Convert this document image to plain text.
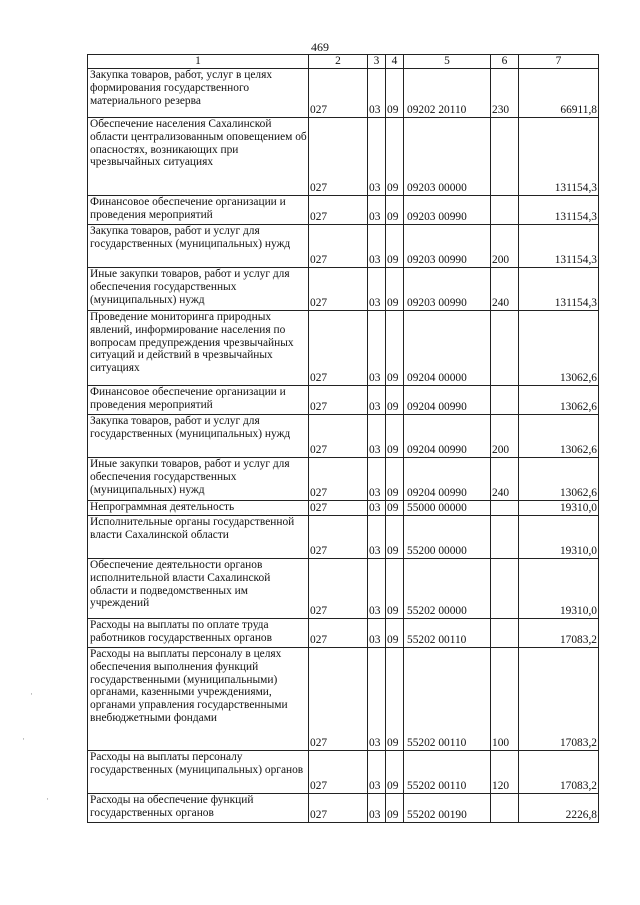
469
1	2	3	4	5	6	7
Закупка товаров, работ, услуг в целях формирования государственного материального резерва	027	03	09	09202 20110	230	66911,8
Обеспечение населения Сахалинской области централизованным оповещением об опасностях, возникающих при чрезвычайных ситуациях	027	03	09	09203 00000		131154,3
Финансовое обеспечение организации и проведения мероприятий	027	03	09	09203 00990		131154,3
Закупка товаров, работ и услуг для государственных (муниципальных) нужд	027	03	09	09203 00990	200	131154,3
Иные закупки товаров, работ и услуг для обеспечения государственных (муниципальных) нужд	027	03	09	09203 00990	240	131154,3
Проведение мониторинга природных явлений, информирование населения по вопросам предупреждения чрезвычайных ситуаций и действий в чрезвычайных ситуациях	027	03	09	09204 00000		13062,6
Финансовое обеспечение организации и проведения мероприятий	027	03	09	09204 00990		13062,6
Закупка товаров, работ и услуг для государственных (муниципальных) нужд	027	03	09	09204 00990	200	13062,6
Иные закупки товаров, работ и услуг для обеспечения государственных (муниципальных) нужд	027	03	09	09204 00990	240	13062,6
Непрограммная деятельность	027	03	09	55000 00000		19310,0
Исполнительные органы государственной власти Сахалинской области	027	03	09	55200 00000		19310,0
Обеспечение деятельности органов исполнительной власти Сахалинской области и подведомственных им учреждений	027	03	09	55202 00000		19310,0
Расходы на выплаты по оплате труда работников государственных органов	027	03	09	55202 00110		17083,2
Расходы на выплаты персоналу в целях обеспечения выполнения функций государственными (муниципальными) органами, казенными учреждениями, органами управления государственными внебюджетными фондами	027	03	09	55202 00110	100	17083,2
Расходы на выплаты персоналу государственных (муниципальных) органов	027	03	09	55202 00110	120	17083,2
Расходы на обеспечение функций государственных органов	027	03	09	55202 00190		2226,8
·
·
·
